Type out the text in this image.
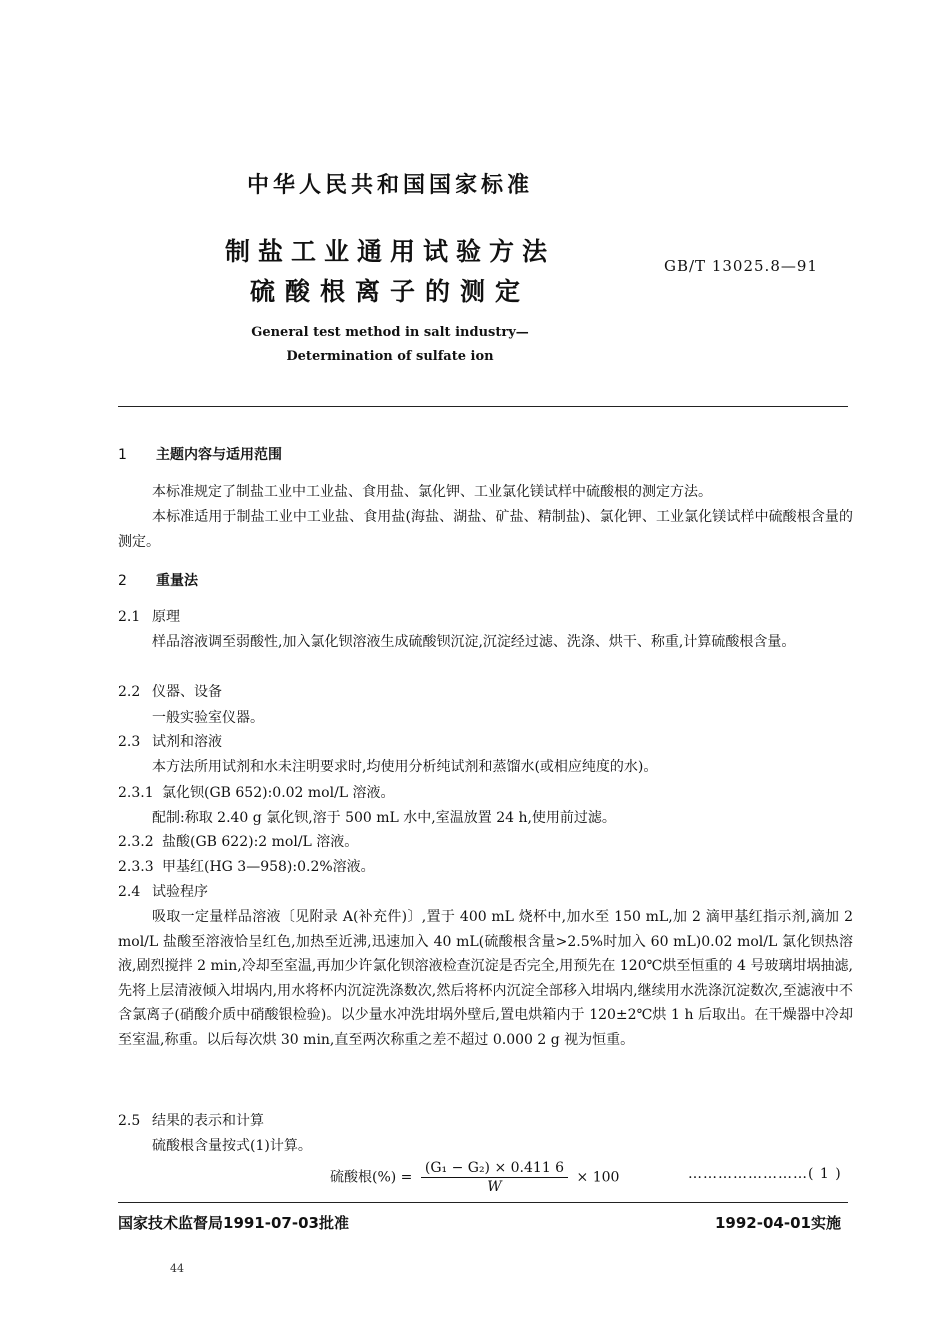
中华人民共和国国家标准
制盐工业通用试验方法
硫酸根离子的测定
GB/T 13025.8—91
General test method in salt industry—
Determination of sulfate ion
1 主题内容与适用范围
本标准规定了制盐工业中工业盐、食用盐、氯化钾、工业氯化镁试样中硫酸根的测定方法。
本标准适用于制盐工业中工业盐、食用盐(海盐、湖盐、矿盐、精制盐)、氯化钾、工业氯化镁试样中硫酸根含量的测定。
2 重量法
2.1 原理
样品溶液调至弱酸性,加入氯化钡溶液生成硫酸钡沉淀,沉淀经过滤、洗涤、烘干、称重,计算硫酸根含量。
2.2 仪器、设备
一般实验室仪器。
2.3 试剂和溶液
本方法所用试剂和水未注明要求时,均使用分析纯试剂和蒸馏水(或相应纯度的水)。
2.3.1 氯化钡(GB 652):0.02 mol/L 溶液。
配制:称取 2.40 g 氯化钡,溶于 500 mL 水中,室温放置 24 h,使用前过滤。
2.3.2 盐酸(GB 622):2 mol/L 溶液。
2.3.3 甲基红(HG 3—958):0.2%溶液。
2.4 试验程序
吸取一定量样品溶液〔见附录 A(补充件)〕,置于 400 mL 烧杯中,加水至 150 mL,加 2 滴甲基红指示剂,滴加 2 mol/L 盐酸至溶液恰呈红色,加热至近沸,迅速加入 40 mL(硫酸根含量>2.5%时加入 60 mL)0.02 mol/L 氯化钡热溶液,剧烈搅拌 2 min,冷却至室温,再加少许氯化钡溶液检查沉淀是否完全,用预先在 120℃烘至恒重的 4 号玻璃坩埚抽滤,先将上层清液倾入坩埚内,用水将杯内沉淀洗涤数次,然后将杯内沉淀全部移入坩埚内,继续用水洗涤沉淀数次,至滤液中不含氯离子(硝酸介质中硝酸银检验)。以少量水冲洗坩埚外壁后,置电烘箱内于 120±2℃烘 1 h 后取出。在干燥器中冷却至室温,称重。以后每次烘 30 min,直至两次称重之差不超过 0.000 2 g 视为恒重。
2.5 结果的表示和计算
硫酸根含量按式(1)计算。
硫酸根(%) = $\frac{\text{(G₁ − G₂) × 0.411 6}}{W} \times 100$	……………………( 1 )
国家技术监督局1991-07-03批准	1992-04-01实施
44
